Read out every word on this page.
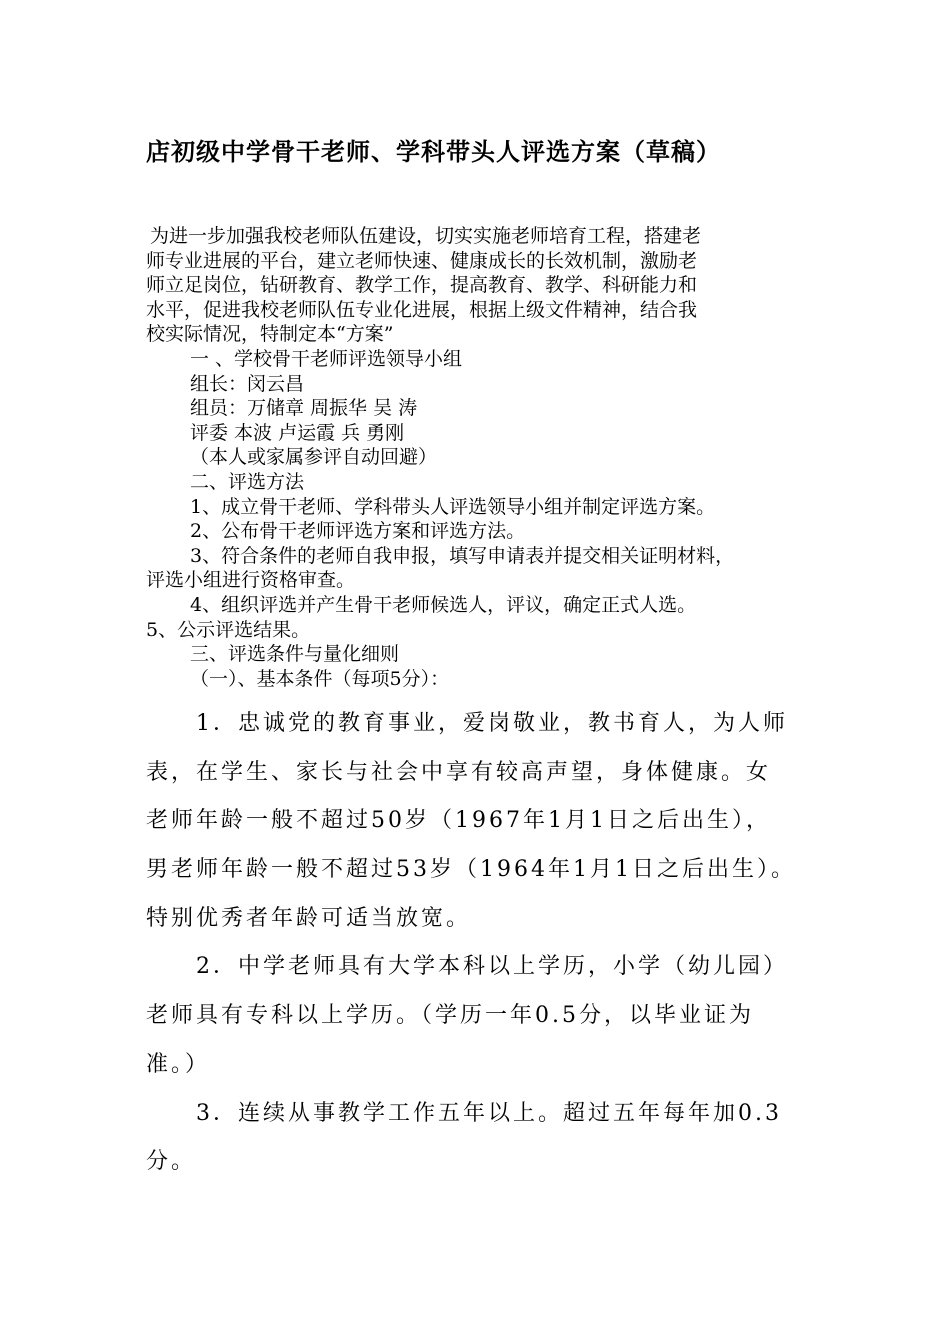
店初级中学骨干老师、学科带头人评选方案（草稿）
为进一步加强我校老师队伍建设，切实实施老师培育工程，搭建老
师专业进展的平台，建立老师快速、健康成长的长效机制，激励老
师立足岗位，钻研教育、教学工作，提高教育、教学、科研能力和
水平，促进我校老师队伍专业化进展，根据上级文件精神，结合我
校实际情况，特制定本“方案”
一 、学校骨干老师评选领导小组
组长：闵云昌
组员：万储章 周振华 吴 涛
评委 本波 卢运霞 兵 勇刚
（本人或家属参评自动回避）
二、评选方法
1、成立骨干老师、学科带头人评选领导小组并制定评选方案。
2、公布骨干老师评选方案和评选方法。
3、符合条件的老师自我申报，填写申请表并提交相关证明材料，
评选小组进行资格审查。
4、组织评选并产生骨干老师候选人，评议，确定正式人选。
5、公示评选结果。
三、评选条件与量化细则
（一）、基本条件（每项5分）：
1．忠诚党的教育事业，爱岗敬业，教书育人，为人师
表，在学生、家长与社会中享有较高声望，身体健康。女
老师年龄一般不超过50岁（1967年1月1日之后出生），
男老师年龄一般不超过53岁（1964年1月1日之后出生）。
特别优秀者年龄可适当放宽。
2．中学老师具有大学本科以上学历，小学（幼儿园）
老师具有专科以上学历。（学历一年0.5分，以毕业证为
准。）
3．连续从事教学工作五年以上。超过五年每年加0.3
分。
